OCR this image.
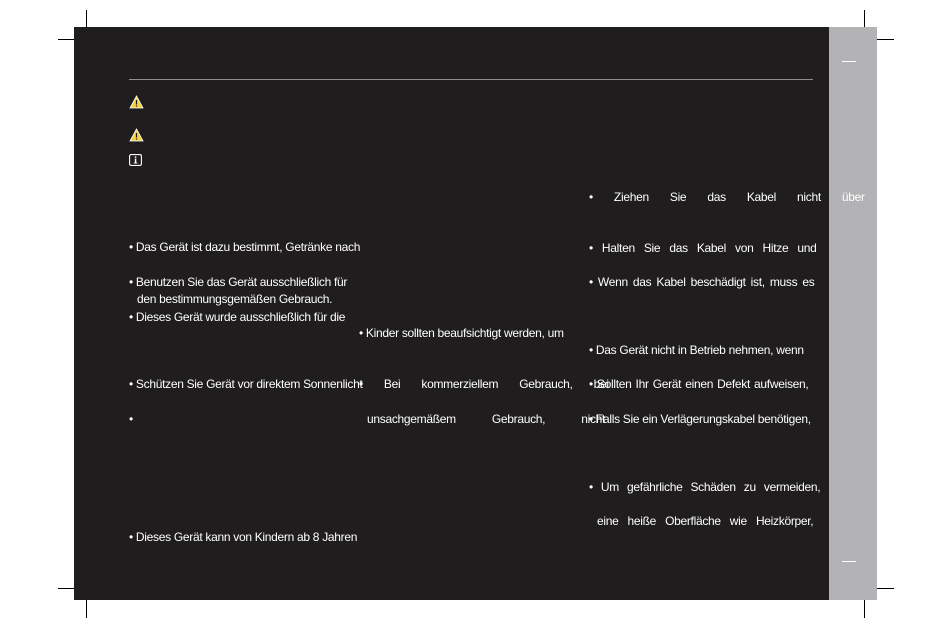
• Das Gerät ist dazu bestimmt, Getränke nach
• Benutzen Sie das Gerät ausschließlich für
den bestimmungsgemäßen Gebrauch.
• Dieses Gerät wurde ausschließlich für die
• Schützen Sie Gerät vor direktem Sonnenlicht
•
• Dieses Gerät kann von Kindern ab 8 Jahren
• Kinder sollten beaufsichtigt werden, um
• Bei kommerziellem Gebrauch, bei
unsachgemäßem Gebrauch, nicht
• Ziehen Sie das Kabel nicht über
• Halten Sie das Kabel von Hitze und
• Wenn das Kabel beschädigt ist, muss es
• Das Gerät nicht in Betrieb nehmen, wenn
• Sollten Ihr Gerät einen Defekt aufweisen,
• Falls Sie ein Verlägerungskabel benötigen,
• Um gefährliche Schäden zu vermeiden,
eine heiße Oberfläche wie Heizkörper,
